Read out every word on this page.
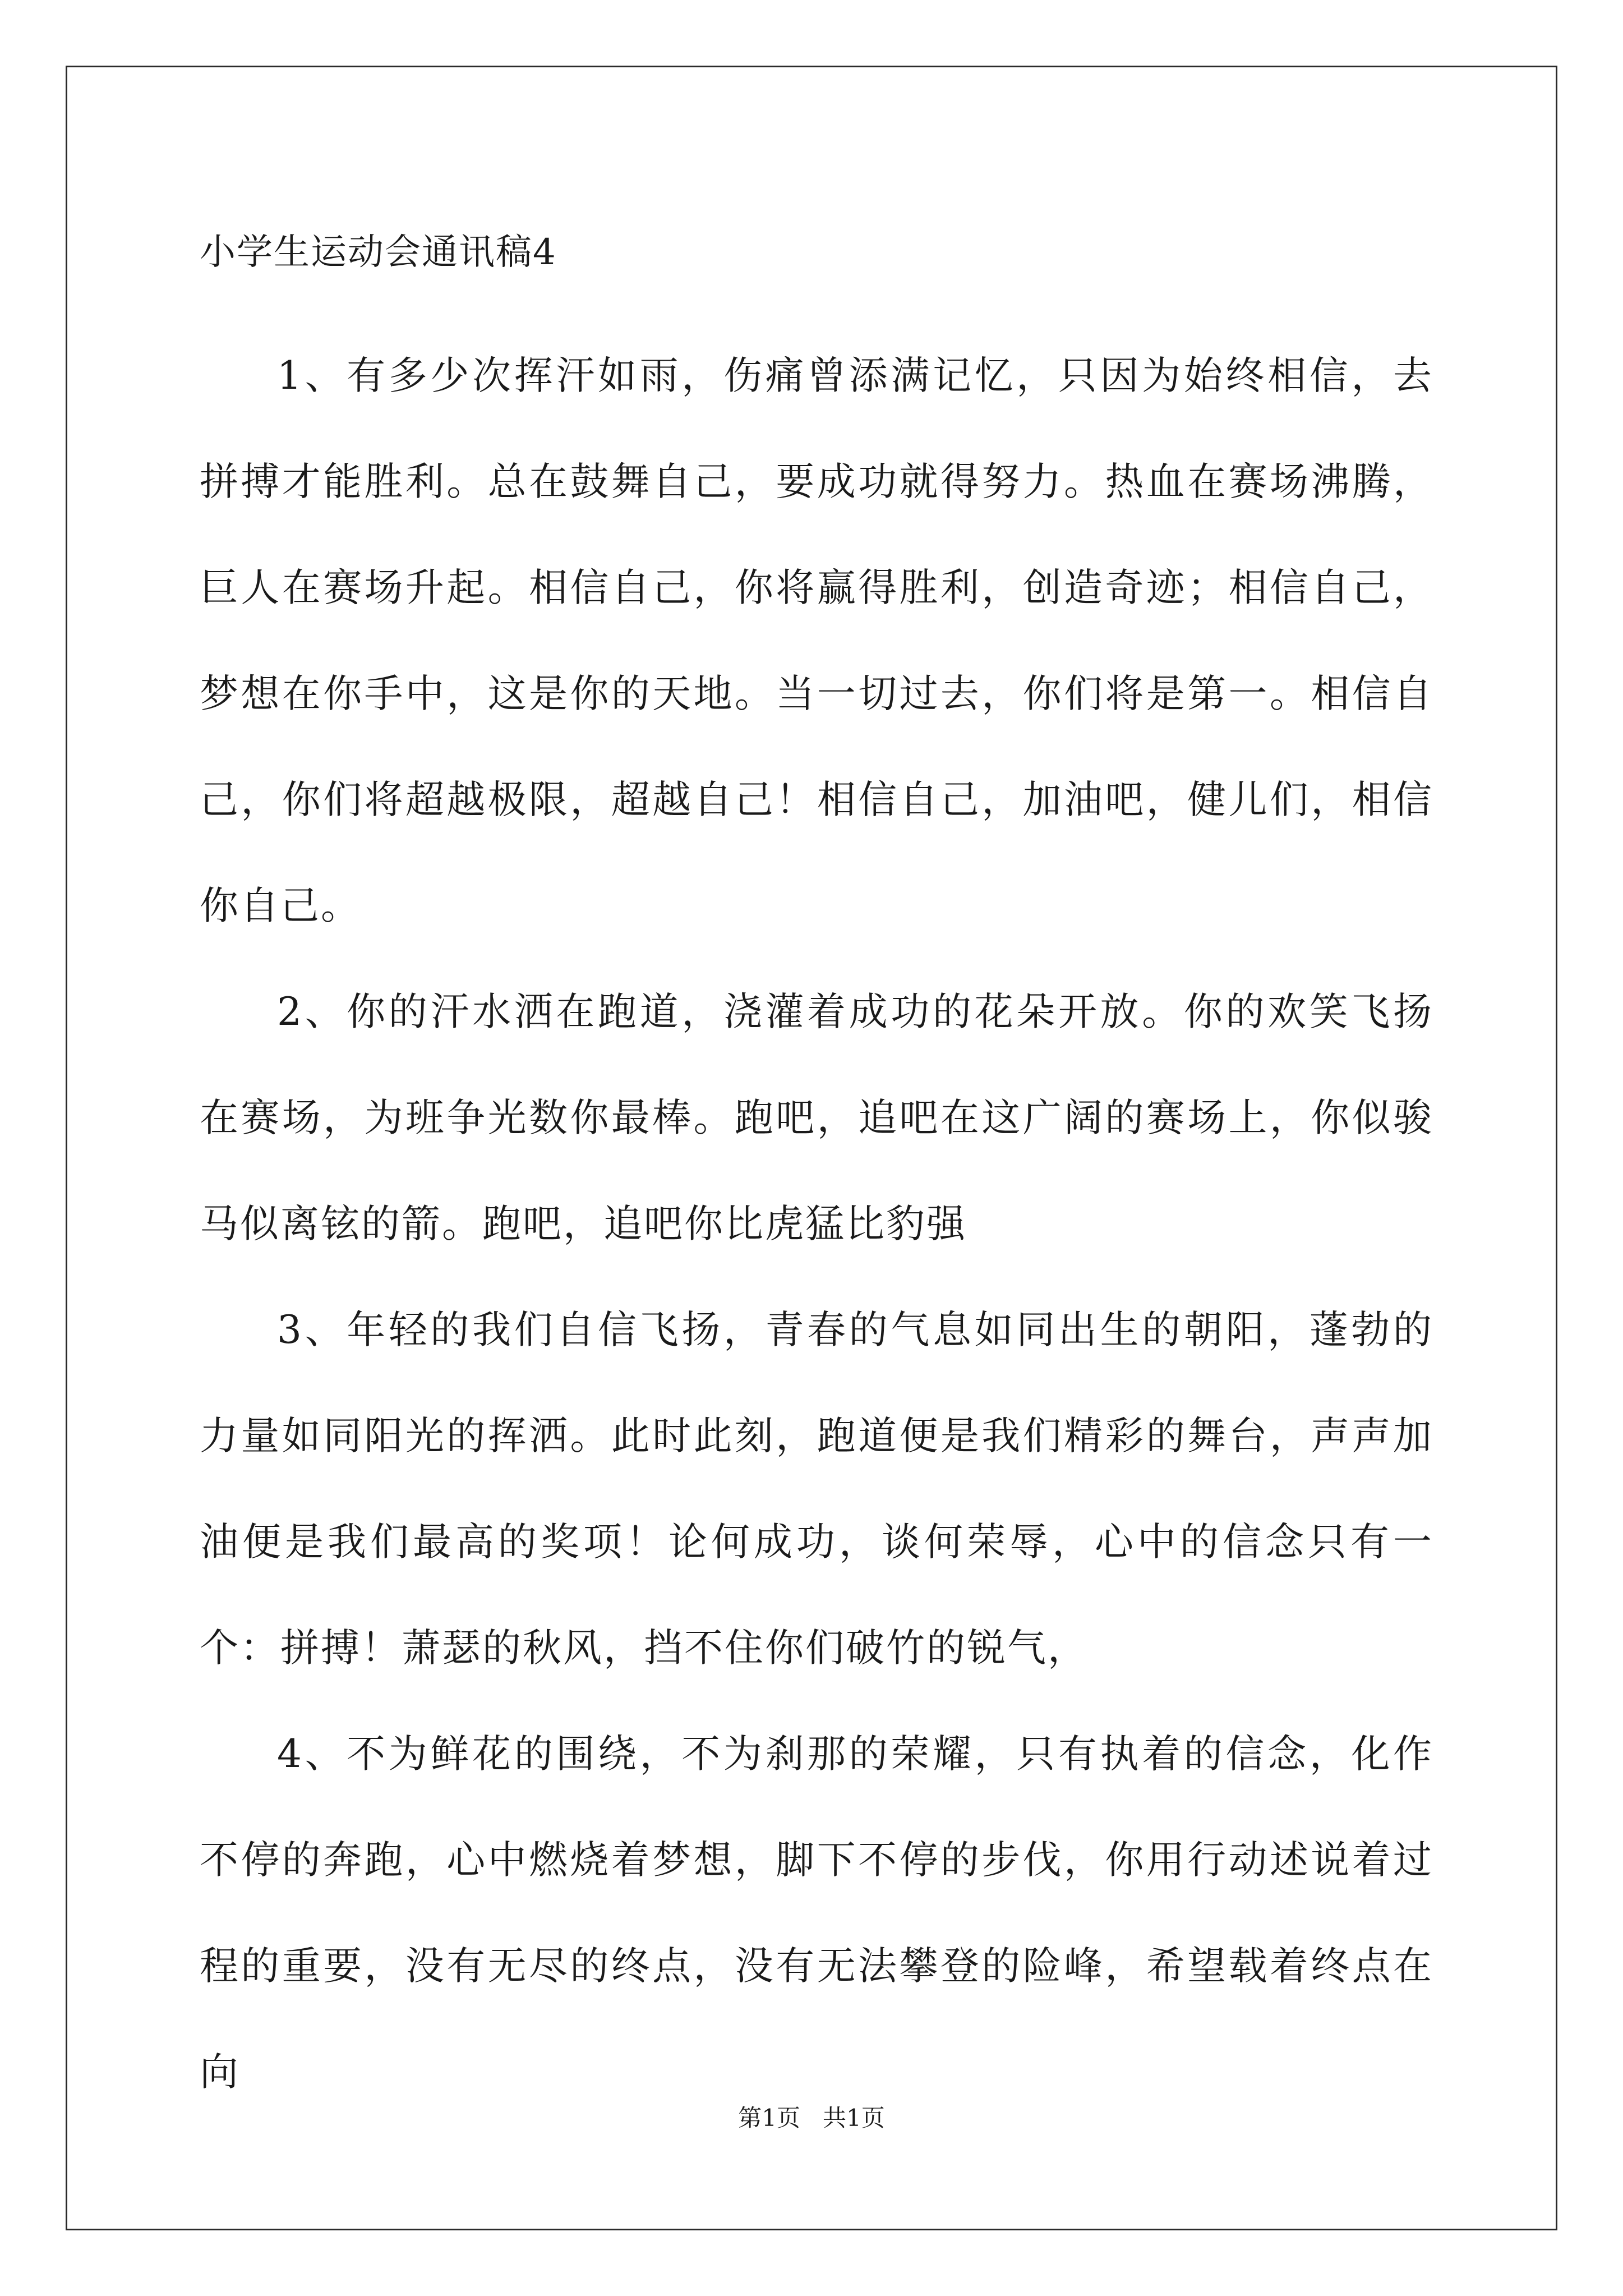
小学生运动会通讯稿4

1、有多少次挥汗如雨，伤痛曾添满记忆，只因为始终相信，去拼搏才能胜利。总在鼓舞自己，要成功就得努力。热血在赛场沸腾，巨人在赛场升起。相信自己，你将赢得胜利，创造奇迹；相信自己，梦想在你手中，这是你的天地。当一切过去，你们将是第一。相信自己，你们将超越极限，超越自己！相信自己，加油吧，健儿们，相信你自己。

2、你的汗水洒在跑道，浇灌着成功的花朵开放。你的欢笑飞扬在赛场，为班争光数你最棒。跑吧，追吧在这广阔的赛场上，你似骏马似离铉的箭。跑吧，追吧你比虎猛比豹强

3、年轻的我们自信飞扬，青春的气息如同出生的朝阳，蓬勃的力量如同阳光的挥洒。此时此刻，跑道便是我们精彩的舞台，声声加油便是我们最高的奖项！论何成功，谈何荣辱，心中的信念只有一个：拼搏！萧瑟的秋风，挡不住你们破竹的锐气，

4、不为鲜花的围绕，不为刹那的荣耀，只有执着的信念，化作不停的奔跑，心中燃烧着梦想，脚下不停的步伐，你用行动述说着过程的重要，没有无尽的终点，没有无法攀登的险峰，希望载着终点在向

第1页 共1页
